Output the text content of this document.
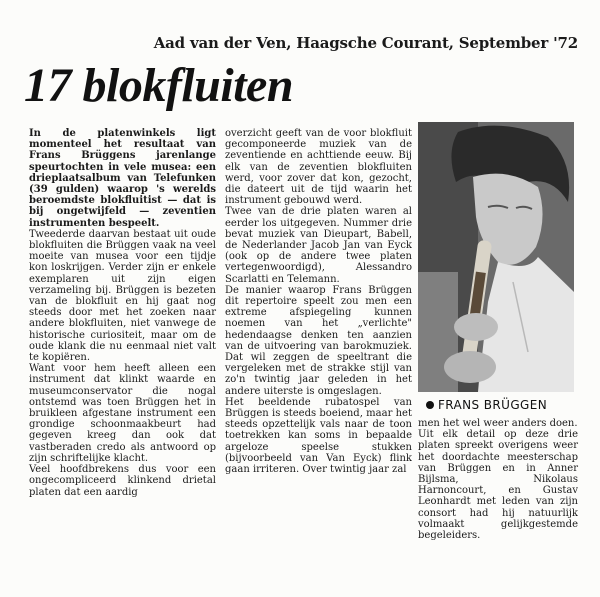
Aad van der Ven, Haagsche Courant, September '72
17 blokfluiten

In de platenwinkels ligt momenteel het resultaat van Frans Brüggens jarenlange speurtochten in vele musea: een drieplaatsalbum van Telefunken (39 gulden) waarop 's werelds beroemdste blokfluitist — dat is bij ongetwijfeld — zeventien instrumenten bespeelt.

Tweederde daarvan bestaat uit oude blokfluiten die Brüggen vaak na veel moeite van musea voor een tijdje kon loskrijgen. Verder zijn er enkele exemplaren uit zijn eigen verzameling bij. Brüggen is bezeten van de blokfluit en hij gaat nog steeds door met het zoeken naar andere blokfluiten, niet vanwege de historische curiositeit, maar om de oude klank die nu eenmaal niet valt te kopiëren.

Want voor hem heeft alleen een instrument dat klinkt waarde en museumconservator die nogal ontstemd was toen Brüggen het in bruikleen afgestane instrument een grondige schoonmaakbeurt had gegeven kreeg dan ook dat vastberaden credo als antwoord op zijn schriftelijke klacht.

Veel hoofdbrekens dus voor een ongecompliceerd klinkend drietal platen dat een aardig

overzicht geeft van de voor blokfluit gecomponeerde muziek van de zeventiende en achttiende eeuw. Bij elk van de zeventien blokfluiten werd, voor zover dat kon, gezocht, die dateert uit de tijd waarin het instrument gebouwd werd.

Twee van de drie platen waren al eerder los uitgegeven. Nummer drie bevat muziek van Dieupart, Babell, de Nederlander Jacob Jan van Eyck (ook op de andere twee platen vertegenwoordigd), Alessandro Scarlatti en Telemann.

De manier waarop Frans Brüggen dit repertoire speelt zou men een extreme afspiegeling kunnen noemen van het „verlichte" hedendaagse denken ten aanzien van de uitvoering van barokmuziek. Dat wil zeggen de speeltrant die vergeleken met de strakke stijl van zo'n twintig jaar geleden in het andere uiterste is omgeslagen.

Het beeldende rubatospel van Brüggen is steeds boeiend, maar het steeds opzettelijk vals naar de toon toetrekken kan soms in bepaalde argeloze speelse stukken (bijvoorbeeld van Van Eyck) flink gaan irriteren. Over twintig jaar zal

FRANS BRÜGGEN

men het wel weer anders doen.

Uit elk detail op deze drie platen spreekt overigens weer het doordachte meesterschap van Brüggen en in Anner Bijlsma, Nikolaus Harnoncourt, en Gustav Leonhardt met leden van zijn consort had hij natuurlijk volmaakt gelijkgestemde begeleiders.
